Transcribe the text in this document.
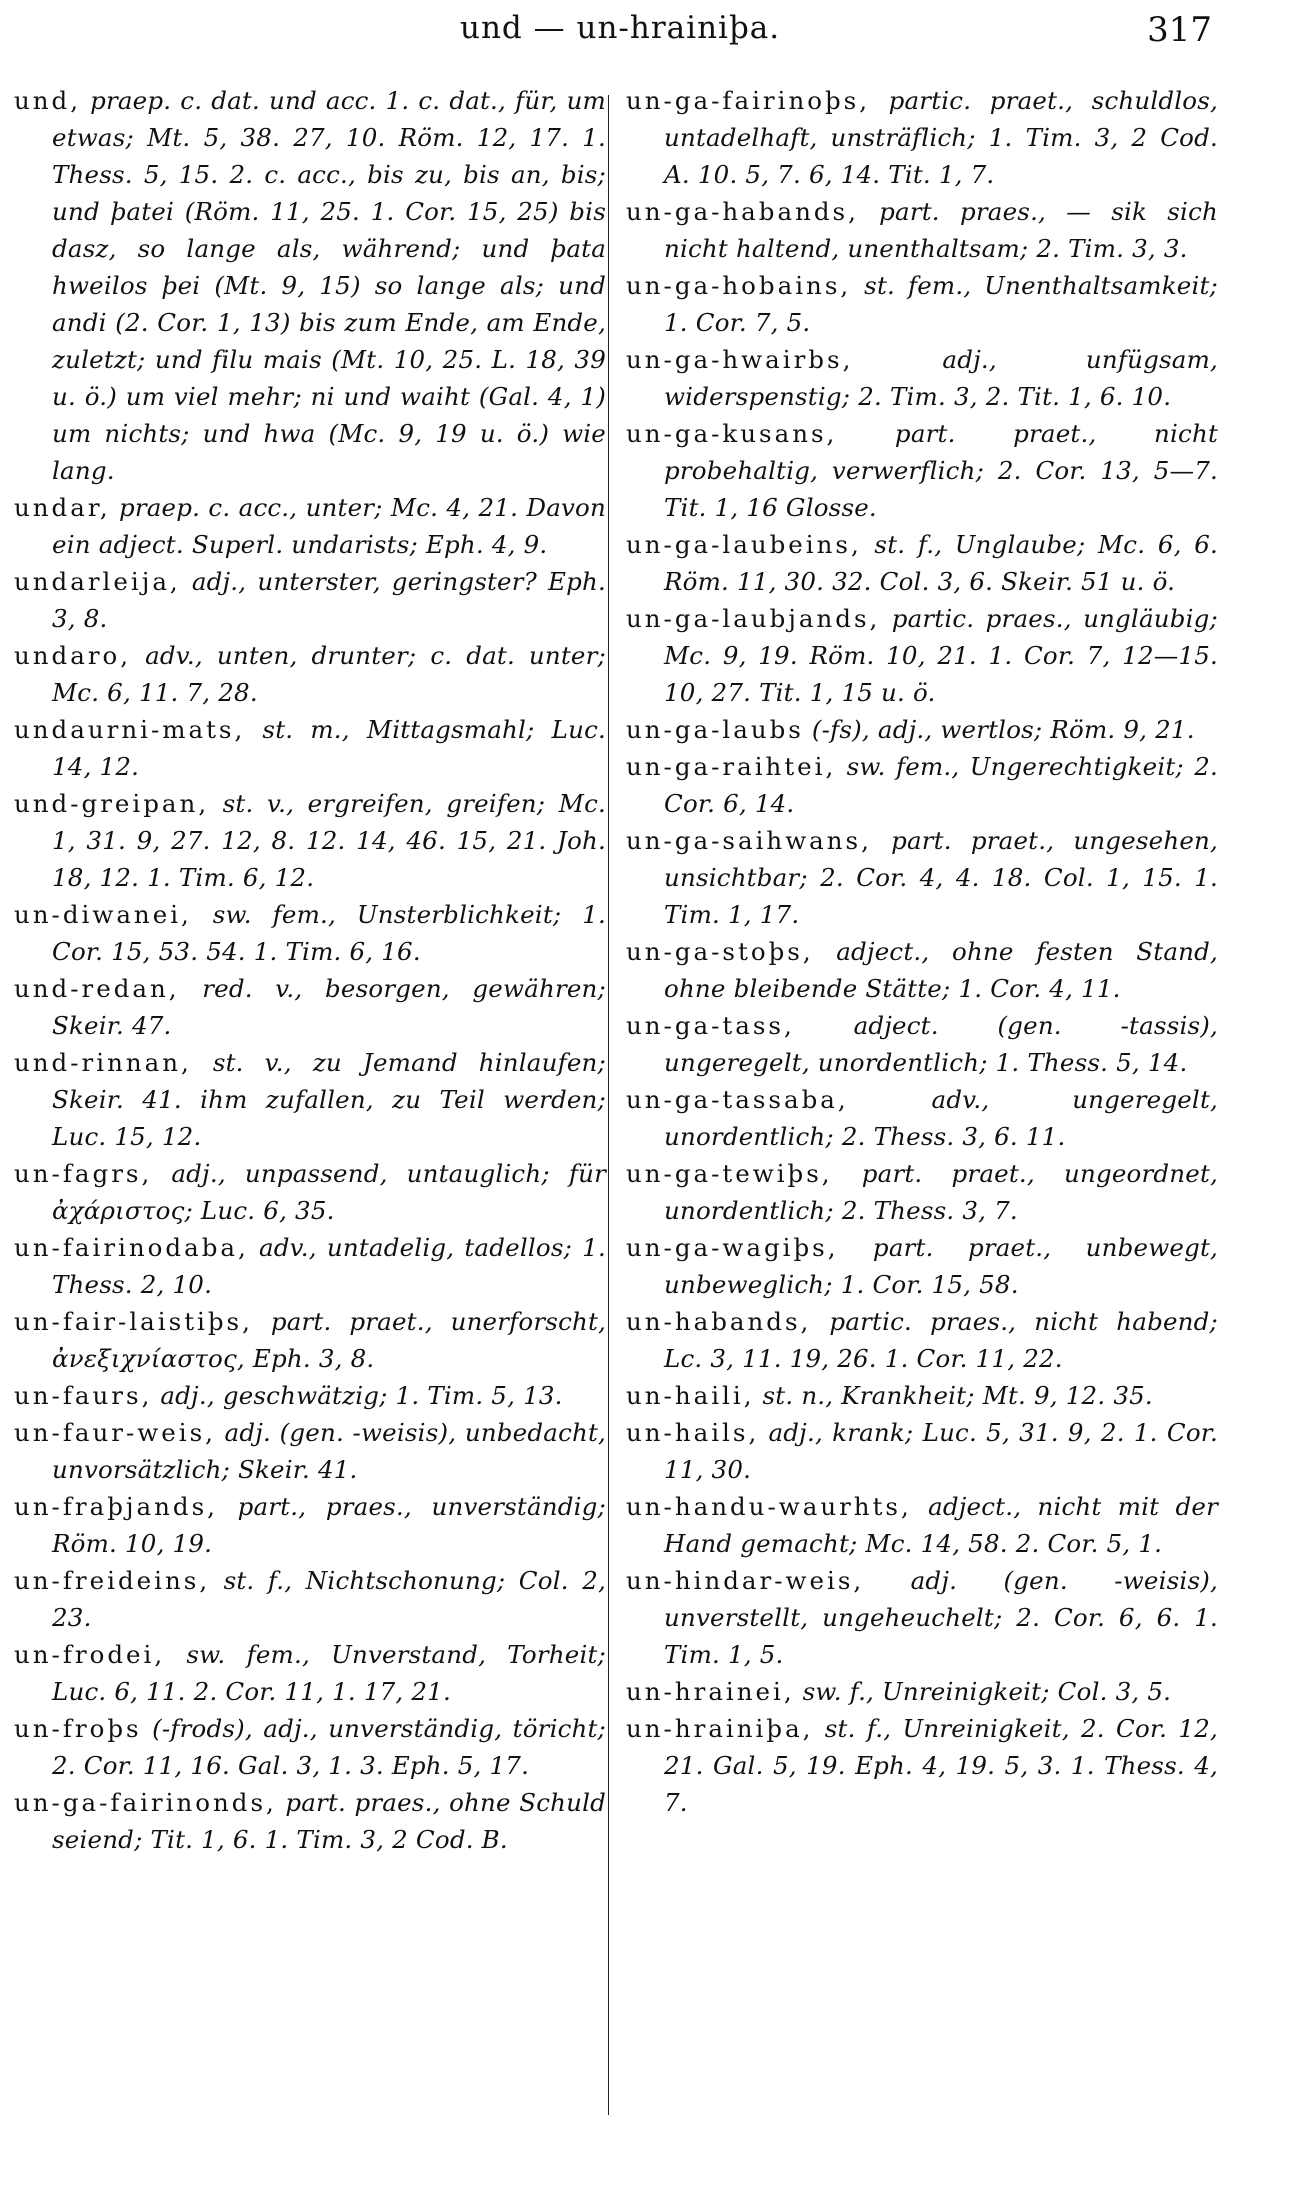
und — un-hrainiþa.	317

und, praep. c. dat. und acc. 1. c. dat., für, um etwas; Mt. 5, 38. 27, 10. Röm. 12, 17. 1. Thess. 5, 15. 2. c. acc., bis zu, bis an, bis; und þatei (Röm. 11, 25. 1. Cor. 15, 25) bis dasz, so lange als, während; und þata hweilos þei (Mt. 9, 15) so lange als; und andi (2. Cor. 1, 13) bis zum Ende, am Ende, zuletzt; und filu mais (Mt. 10, 25. L. 18, 39 u. ö.) um viel mehr; ni und waiht (Gal. 4, 1) um nichts; und hwa (Mc. 9, 19 u. ö.) wie lang.

undar, praep. c. acc., unter; Mc. 4, 21. Davon ein adject. Superl. undarists; Eph. 4, 9.

undarleija, adj., unterster, geringster? Eph. 3, 8.

undaro, adv., unten, drunter; c. dat. unter; Mc. 6, 11. 7, 28.

undaurni-mats, st. m., Mittagsmahl; Luc. 14, 12.

und-greipan, st. v., ergreifen, greifen; Mc. 1, 31. 9, 27. 12, 8. 12. 14, 46. 15, 21. Joh. 18, 12. 1. Tim. 6, 12.

un-diwanei, sw. fem., Unsterblichkeit; 1. Cor. 15, 53. 54. 1. Tim. 6, 16.

und-redan, red. v., besorgen, gewähren; Skeir. 47.

und-rinnan, st. v., zu Jemand hinlaufen; Skeir. 41. ihm zufallen, zu Teil werden; Luc. 15, 12.

un-fagrs, adj., unpassend, untauglich; für ἀχάριστος; Luc. 6, 35.

un-fairinodaba, adv., untadelig, tadellos; 1. Thess. 2, 10.

un-fair-laistiþs, part. praet., unerforscht, ἀνεξιχνίαστος, Eph. 3, 8.

un-faurs, adj., geschwätzig; 1. Tim. 5, 13.

un-faur-weis, adj. (gen. -weisis), unbedacht, unvorsätzlich; Skeir. 41.

un-fraþjands, part., praes., unverständig; Röm. 10, 19.

un-freideins, st. f., Nichtschonung; Col. 2, 23.

un-frodei, sw. fem., Unverstand, Torheit; Luc. 6, 11. 2. Cor. 11, 1. 17, 21.

un-froþs (-frods), adj., unverständig, töricht; 2. Cor. 11, 16. Gal. 3, 1. 3. Eph. 5, 17.

un-ga-fairinonds, part. praes., ohne Schuld seiend; Tit. 1, 6. 1. Tim. 3, 2 Cod. B.

un-ga-fairinoþs, partic. praet., schuldlos, untadelhaft, unsträflich; 1. Tim. 3, 2 Cod. A. 10. 5, 7. 6, 14. Tit. 1, 7.

un-ga-habands, part. praes., — sik sich nicht haltend, unenthaltsam; 2. Tim. 3, 3.

un-ga-hobains, st. fem., Unenthaltsamkeit; 1. Cor. 7, 5.

un-ga-hwairbs, adj., unfügsam, widerspenstig; 2. Tim. 3, 2. Tit. 1, 6. 10.

un-ga-kusans, part. praet., nicht probehaltig, verwerflich; 2. Cor. 13, 5—7. Tit. 1, 16 Glosse.

un-ga-laubeins, st. f., Unglaube; Mc. 6, 6. Röm. 11, 30. 32. Col. 3, 6. Skeir. 51 u. ö.

un-ga-laubjands, partic. praes., ungläubig; Mc. 9, 19. Röm. 10, 21. 1. Cor. 7, 12—15. 10, 27. Tit. 1, 15 u. ö.

un-ga-laubs (-fs), adj., wertlos; Röm. 9, 21.

un-ga-raihtei, sw. fem., Ungerechtigkeit; 2. Cor. 6, 14.

un-ga-saihwans, part. praet., ungesehen, unsichtbar; 2. Cor. 4, 4. 18. Col. 1, 15. 1. Tim. 1, 17.

un-ga-stoþs, adject., ohne festen Stand, ohne bleibende Stätte; 1. Cor. 4, 11.

un-ga-tass, adject. (gen. -tassis), ungeregelt, unordentlich; 1. Thess. 5, 14.

un-ga-tassaba, adv., ungeregelt, unordentlich; 2. Thess. 3, 6. 11.

un-ga-tewiþs, part. praet., ungeordnet, unordentlich; 2. Thess. 3, 7.

un-ga-wagiþs, part. praet., unbewegt, unbeweglich; 1. Cor. 15, 58.

un-habands, partic. praes., nicht habend; Lc. 3, 11. 19, 26. 1. Cor. 11, 22.

un-haili, st. n., Krankheit; Mt. 9, 12. 35.

un-hails, adj., krank; Luc. 5, 31. 9, 2. 1. Cor. 11, 30.

un-handu-waurhts, adject., nicht mit der Hand gemacht; Mc. 14, 58. 2. Cor. 5, 1.

un-hindar-weis, adj. (gen. -weisis), unverstellt, ungeheuchelt; 2. Cor. 6, 6. 1. Tim. 1, 5.

un-hrainei, sw. f., Unreinigkeit; Col. 3, 5.

un-hrainiþa, st. f., Unreinigkeit, 2. Cor. 12, 21. Gal. 5, 19. Eph. 4, 19. 5, 3. 1. Thess. 4, 7.
